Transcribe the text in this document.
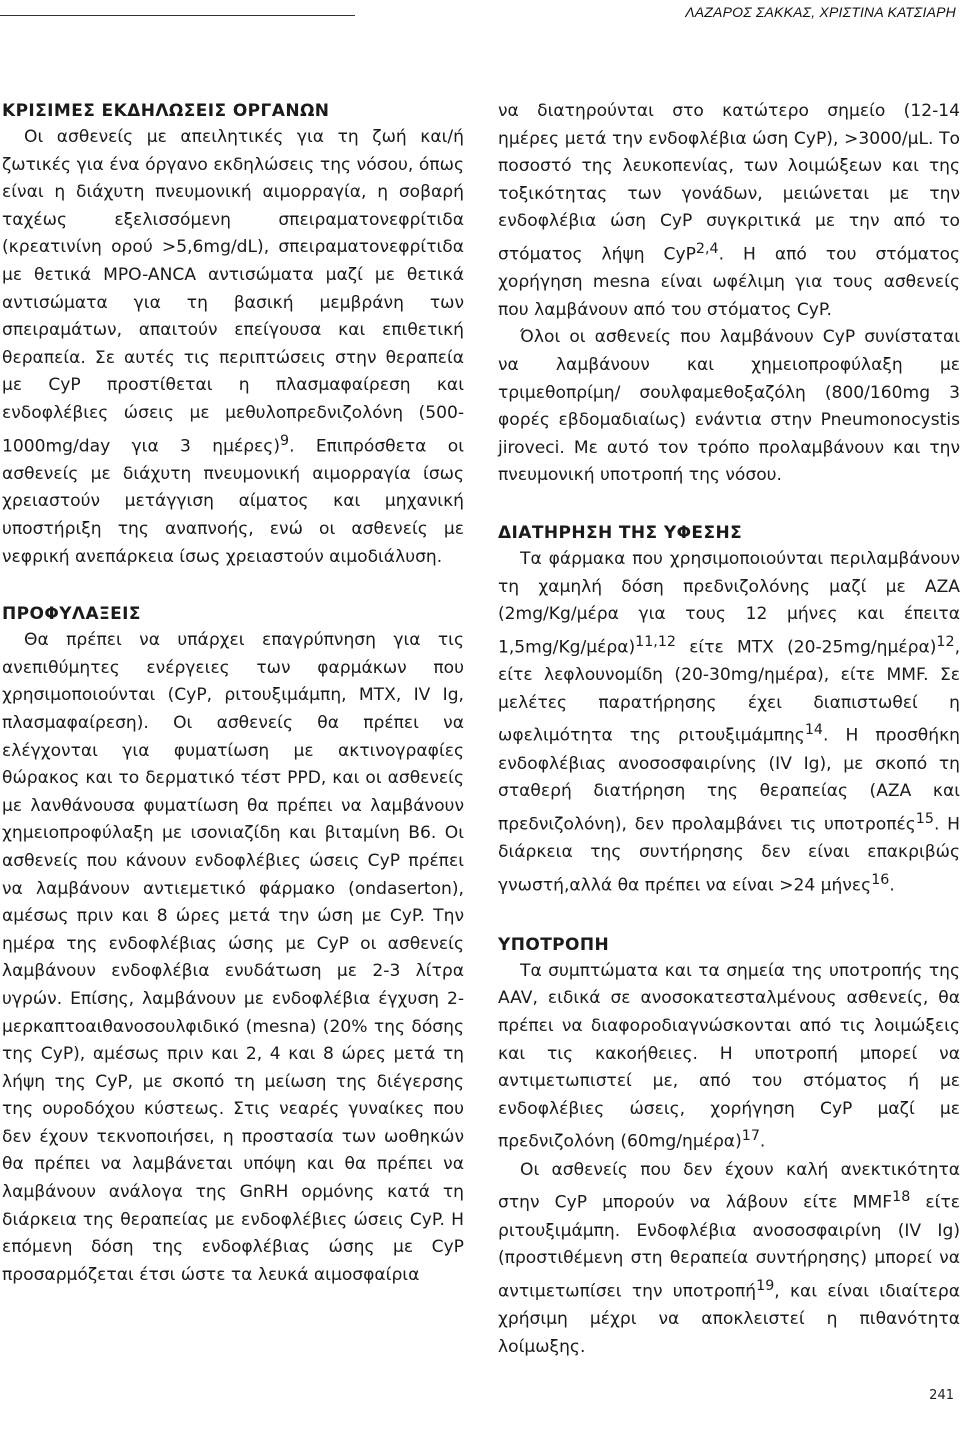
ΛΑΖΑΡΟΣ ΣΑΚΚΑΣ, ΧΡΙΣΤΙΝΑ ΚΑΤΣΙΑΡΗ
ΚΡΙΣΙΜΕΣ ΕΚΔΗΛΩΣΕΙΣ ΟΡΓΑΝΩΝ

Οι ασθενείς με απειλητικές για τη ζωή και/ή ζωτικές για ένα όργανο εκδηλώσεις της νόσου, όπως είναι η διάχυτη πνευμονική αιμορραγία, η σοβαρή ταχέως εξελισσόμενη σπειραματονεφρίτιδα (κρεατινίνη ορού >5,6mg/dL), σπειραματονεφρίτιδα με θετικά MPO-ANCA αντισώματα μαζί με θετικά αντισώματα για τη βασική μεμβράνη των σπειραμάτων, απαιτούν επείγουσα και επιθετική θεραπεία. Σε αυτές τις περιπτώσεις στην θεραπεία με CyP προστίθεται η πλασμαφαίρεση και ενδοφλέβιες ώσεις με μεθυλοπρεδνιζολόνη (500-1000mg/day για 3 ημέρες)$^9$. Επιπρόσθετα οι ασθενείς με διάχυτη πνευμονική αιμορραγία ίσως χρειαστούν μετάγγιση αίματος και μηχανική υποστήριξη της αναπνοής, ενώ οι ασθενείς με νεφρική ανεπάρκεια ίσως χρειαστούν αιμοδιάλυση.

ΠΡΟΦΥΛΑΞΕΙΣ

Θα πρέπει να υπάρχει επαγρύπνηση για τις ανεπιθύμητες ενέργειες των φαρμάκων που χρησιμοποιούνται (CyP, ριτουξιμάμπη, MTX, IV Ig, πλασμαφαίρεση). Οι ασθενείς θα πρέπει να ελέγχονται για φυματίωση με ακτινογραφίες θώρακος και το δερματικό τέστ PPD, και οι ασθενείς με λανθάνουσα φυματίωση θα πρέπει να λαμβάνουν χημειοπροφύλαξη με ισονιαζίδη και βιταμίνη B6. Οι ασθενείς που κάνουν ενδοφλέβιες ώσεις CyP πρέπει να λαμβάνουν αντιεμετικό φάρμακο (ondaserton), αμέσως πριν και 8 ώρες μετά την ώση με CyP. Την ημέρα της ενδοφλέβιας ώσης με CyP οι ασθενείς λαμβάνουν ενδοφλέβια ενυδάτωση με 2-3 λίτρα υγρών. Επίσης, λαμβάνουν με ενδοφλέβια έγχυση 2-μερκαπτοαιθανοσουλφιδικό (mesna) (20% της δόσης της CyP), αμέσως πριν και 2, 4 και 8 ώρες μετά τη λήψη της CyP, με σκοπό τη μείωση της διέγερσης της ουροδόχου κύστεως. Στις νεαρές γυναίκες που δεν έχουν τεκνοποιήσει, η προστασία των ωοθηκών θα πρέπει να λαμβάνεται υπόψη και θα πρέπει να λαμβάνουν ανάλογα της GnRH ορμόνης κατά τη διάρκεια της θεραπείας με ενδοφλέβιες ώσεις CyP. Η επόμενη δόση της ενδοφλέβιας ώσης με CyP προσαρμόζεται έτσι ώστε τα λευκά αιμοσφαίρια

να διατηρούνται στο κατώτερο σημείο (12-14 ημέρες μετά την ενδοφλέβια ώση CyP), >3000/μL. Το ποσοστό της λευκοπενίας, των λοιμώξεων και της τοξικότητας των γονάδων, μειώνεται με την ενδοφλέβια ώση CyP συγκριτικά με την από το στόματος λήψη CyP$^{2,4}$. Η από του στόματος χορήγηση mesna είναι ωφέλιμη για τους ασθενείς που λαμβάνουν από του στόματος CyP.

Όλοι οι ασθενείς που λαμβάνουν CyP συνίσταται να λαμβάνουν και χημειοπροφύλαξη με τριμεθοπρίμη/ σουλφαμεθοξαζόλη (800/160mg 3 φορές εβδομαδιαίως) ενάντια στην Pneumonocystis jiroveci. Με αυτό τον τρόπο προλαμβάνουν και την πνευμονική υποτροπή της νόσου.

ΔΙΑΤΗΡΗΣΗ ΤΗΣ ΥΦΕΣΗΣ

Τα φάρμακα που χρησιμοποιούνται περιλαμβάνουν τη χαμηλή δόση πρεδνιζολόνης μαζί με AZA (2mg/Kg/μέρα για τους 12 μήνες και έπειτα 1,5mg/Kg/μέρα)$^{11,12}$ είτε MTX $(20-25mg/\eta\mu έ\rho\alpha)^{12}$, είτε λεφλουνομίδη (20-30mg/ημέρα), είτε MMF. Σε μελέτες παρατήρησης έχει διαπιστωθεί η ωφελιμότητα της ριτουξιμάμπης$^{14}$. Η προσθήκη ενδοφλέβιας ανοσοσφαιρίνης (IV Ig), με σκοπό τη σταθερή διατήρηση της θεραπείας (AZA και πρεδνιζολόνη), δεν προλαμβάνει τις υποτροπές$^{15}$. Η διάρκεια της συντήρησης δεν είναι επακριβώς γνωστή,αλλά θα πρέπει να είναι >24 μήνες$^{16}$.

ΥΠΟΤΡΟΠΗ

Τα συμπτώματα και τα σημεία της υποτροπής της AAV, ειδικά σε ανοσοκατεσταλμένους ασθενείς, θα πρέπει να διαφοροδιαγνώσκονται από τις λοιμώξεις και τις κακοήθειες. Η υποτροπή μπορεί να αντιμετωπιστεί με, από του στόματος ή με ενδοφλέβιες ώσεις, χορήγηση CyP μαζί με πρεδνιζολόνη $(60mg/\eta\mu έ\rho\alpha)^{17}$.

Οι ασθενείς που δεν έχουν καλή ανεκτικότητα στην CyP μπορούν να λάβουν είτε MMF$^{18}$ είτε ριτουξιμάμπη. Ενδοφλέβια ανοσοσφαιρίνη (IV Ig) (προστιθέμενη στη θεραπεία συντήρησης) μπορεί να αντιμετωπίσει την υποτροπή$^{19}$, και είναι ιδιαίτερα χρήσιμη μέχρι να αποκλειστεί η πιθανότητα λοίμωξης.

241
